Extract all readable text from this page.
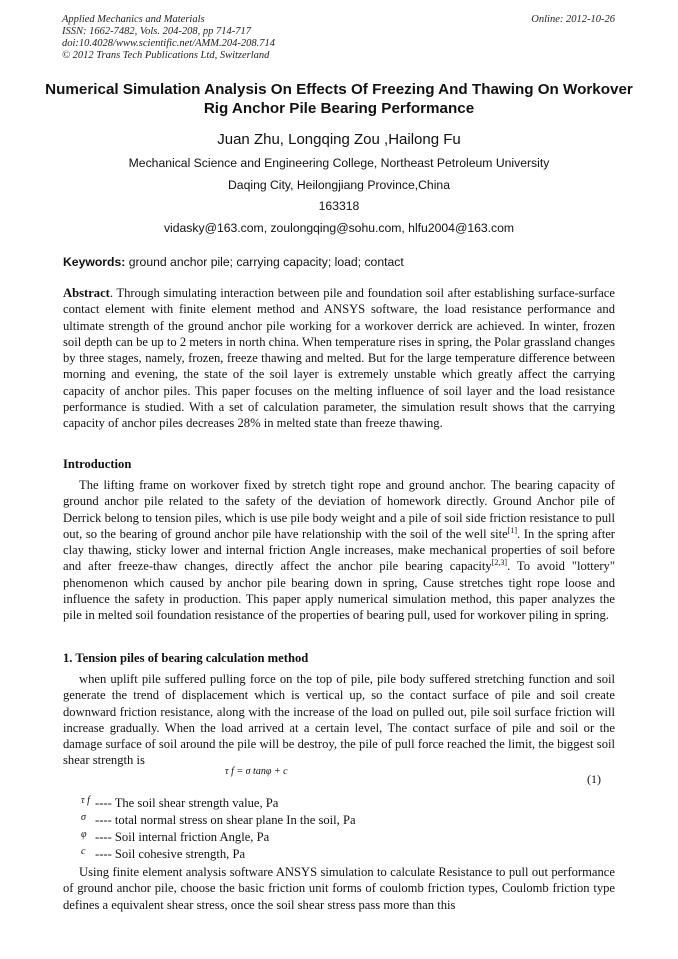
Applied Mechanics and Materials
ISSN: 1662-7482, Vols. 204-208, pp 714-717
doi:10.4028/www.scientific.net/AMM.204-208.714
© 2012 Trans Tech Publications Ltd, Switzerland
Online: 2012-10-26
Numerical Simulation Analysis On Effects Of Freezing And Thawing On Workover Rig Anchor Pile Bearing Performance
Juan Zhu, Longqing Zou ,Hailong Fu
Mechanical Science and Engineering College, Northeast Petroleum University
Daqing City, Heilongjiang Province,China
163318
vidasky@163.com, zoulongqing@sohu.com, hlfu2004@163.com
Keywords: ground anchor pile; carrying capacity; load; contact
Abstract. Through simulating interaction between pile and foundation soil after establishing surface-surface contact element with finite element method and ANSYS software, the load resistance performance and ultimate strength of the ground anchor pile working for a workover derrick are achieved. In winter, frozen soil depth can be up to 2 meters in north china. When temperature rises in spring, the Polar grassland changes by three stages, namely, frozen, freeze thawing and melted. But for the large temperature difference between morning and evening, the state of the soil layer is extremely unstable which greatly affect the carrying capacity of anchor piles. This paper focuses on the melting influence of soil layer and the load resistance performance is studied. With a set of calculation parameter, the simulation result shows that the carrying capacity of anchor piles decreases 28% in melted state than freeze thawing.
Introduction
The lifting frame on workover fixed by stretch tight rope and ground anchor. The bearing capacity of ground anchor pile related to the safety of the deviation of homework directly. Ground Anchor pile of Derrick belong to tension piles, which is use pile body weight and a pile of soil side friction resistance to pull out, so the bearing of ground anchor pile have relationship with the soil of the well site[1]. In the spring after clay thawing, sticky lower and internal friction Angle increases, make mechanical properties of soil before and after freeze-thaw changes, directly affect the anchor pile bearing capacity[2,3]. To avoid "lottery" phenomenon which caused by anchor pile bearing down in spring, Cause stretches tight rope loose and influence the safety in production. This paper apply numerical simulation method, this paper analyzes the pile in melted soil foundation resistance of the properties of bearing pull, used for workover piling in spring.
1. Tension piles of bearing calculation method
when uplift pile suffered pulling force on the top of pile, pile body suffered stretching function and soil generate the trend of displacement which is vertical up, so the contact surface of pile and soil create downward friction resistance, along with the increase of the load on pulled out, pile soil surface friction will increase gradually. When the load arrived at a certain level, The contact surface of pile and soil or the damage surface of soil around the pile will be destroy, the pile of pull force reached the limit, the biggest soil shear strength is
τ f = σ tanφ + c
(1)
τ f ---- The soil shear strength value, Pa
σ ---- total normal stress on shear plane In the soil, Pa
φ ---- Soil internal friction Angle, Pa
c ---- Soil cohesive strength, Pa
Using finite element analysis software ANSYS simulation to calculate Resistance to pull out performance of ground anchor pile, choose the basic friction unit forms of coulomb friction types, Coulomb friction type defines a equivalent shear stress, once the soil shear stress pass more than this
